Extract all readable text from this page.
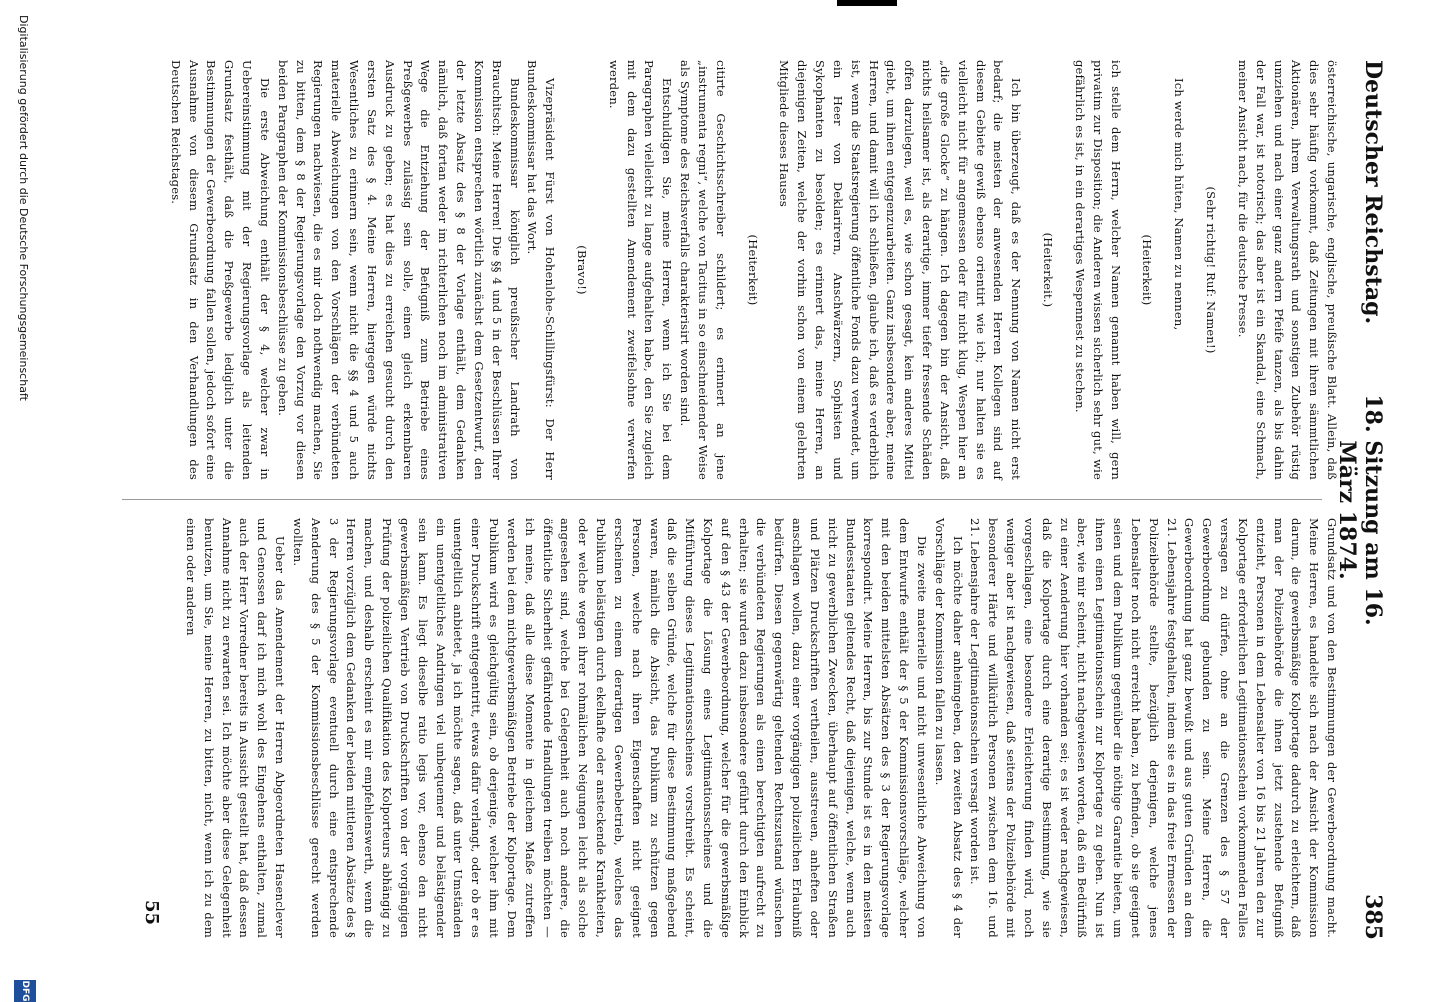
Deutscher Reichstag.
18. Sitzung am 16. März 1874.
385

österreichische, ungarische, englische, preußische Blatt. Allein, daß dies sehr häufig vorkommt, daß Zeitungen mit ihren sämmtlichen Aktionären, ihrem Verwaltungsrath und sonstigen Zubehör rüstig umziehen und nach einer ganz andern Pfeife tanzen, als bis dahin der Fall war, ist notorisch; das aber ist ein Skandal, eine Schmach, meiner Ansicht nach, für die deutsche Presse.

(Sehr richtig! Ruf: Namen!)

Ich werde mich hüten, Namen zu nennen,

(Heiterkeit)

ich stelle dem Herrn, welcher Namen genannt haben will, gern privatim zur Disposition; die Anderen wissen sicherlich sehr gut, wie gefährlich es ist, in ein derartiges Wespennest zu stechen.

(Heiterkeit.)

Ich bin überzeugt, daß es der Nennung von Namen nicht erst bedarf; die meisten der anwesenden Herren Kollegen sind auf diesem Gebiete gewiß ebenso orientirt wie ich; nur halten sie es vielleicht nicht für angemessen oder für nicht klug, Wespen hier an „die große Glocke“ zu hängen. Ich dagegen bin der Ansicht, daß nichts heilsamer ist, als derartige, immer tiefer fressende Schäden offen darzulegen, weil es, wie schon gesagt, kein anderes Mittel giebt, um ihnen entgegenzuarbeiten. Ganz insbesondere aber, meine Herren, und damit will ich schließen, glaube ich, daß es verderblich ist, wenn die Staatsregierung öffentliche Fonds dazu verwendet, um ein Heer von Deklarirern, Anschwärzern, Sophisten und Sykophanten zu besolden; es erinnert das, meine Herren, an diejenigen Zeiten, welche der vorhin schon von einem gelehrten Mitgliede dieses Hauses

(Heiterkeit)

citirte Geschichtsschreiber schildert; es erinnert an jene „instrumenta regni“, welche von Tacitus in so einschneidender Weise als Symptome des Reichsverfalls charakterisirt worden sind.

Entschuldigen Sie, meine Herren, wenn ich Sie bei dem Paragraphen vielleicht zu lange aufgehalten habe, den Sie zugleich mit dem dazu gestellten Amendement zweifelsohne verwerfen werden.

(Bravo!)

Vizepräsident Fürst von Hohenlohe-Schillingsfürst: Der Herr Bundeskommissar hat das Wort.

Bundeskommissar königlich preußischer Landrath von Brauchitsch: Meine Herren! Die §§ 4 und 5 in der Beschlüssen Ihrer Kommission entsprechen wörtlich zunächst dem Gesetzentwurf, den der letzte Absatz des § 8 der Vorlage enthält, dem Gedanken nämlich, daß fortan weder im richterlichen noch im administrativen Wege die Entziehung der Befugniß zum Betriebe eines Preßgewerbes zulässig sein solle, einen gleich erkennbaren Ausdruck zu geben; es hat dies zu erreichen gesucht durch den ersten Satz des § 4. Meine Herren, hiergegen würde nichts Wesentliches zu erinnern sein, wenn nicht die §§ 4 und 5 auch materielle Abweichungen von den Vorschlägen der verbündeten Regierungen nachwiesen, die es mir doch nothwendig machen, Sie zu bitten, dem § 8 der Regierungsvorlage den Vorzug vor diesen beiden Paragraphen der Kommissionsbeschlüsse zu geben.

Die erste Abweichung enthält der § 4, welcher zwar in Uebereinstimmung mit der Regierungsvorlage als leitenden Grundsatz festhält, daß die Preßgewerbe lediglich unter die Bestimmungen der Gewerbeordnung fallen sollen, jedoch sofort eine Ausnahme von diesem Grundsatz in den Verhandlungen des Deutschen Reichstages.

Grundsatz und von den Bestimmungen der Gewerbeordnung macht. Meine Herren, es handelte sich nach der Ansicht der Kommission darum, die gewerbsmäßige Kolportage dadurch zu erleichtern, daß man der Polizeibehörde die ihnen jetzt zustehende Befugniß entzieht, Personen in dem Lebensalter von 16 bis 21 Jahren den zur Kolportage erforderlichen Legitimationsschein vorkommenden Falles versagen zu dürfen, ohne an die Grenzen des § 57 der Gewerbeordnung gebunden zu sein. Meine Herren, die Gewerbeordnung hat ganz bewußt und aus guten Gründen an dem 21. Lebensjahre festgehalten, indem sie es in das freie Ermessen der Polizeibehörde stellte, bezüglich derjenigen, welche jenes Lebensalter noch nicht erreicht haben, zu befinden, ob sie geeignet seien und dem Publikum gegenüber die nöthige Garantie bieten, um ihnen einen Legitimationsschein zur Kolportage zu geben. Nun ist aber, wie mir scheint, nicht nachgewiesen worden, daß ein Bedürfniß zu einer Aenderung hier vorhanden sei; es ist weder nachgewiesen, daß die Kolportage durch eine derartige Bestimmung, wie sie vorgeschlagen, eine besondere Erleichterung finden wird, noch weniger aber ist nachgewiesen, daß seitens der Polizeibehörde mit besonderer Härte und willkürlich Personen zwischen dem 16. und 21. Lebensjahre der Legitimationsschein versagt worden ist.

Ich möchte daher anheimgeben, den zweiten Absatz des § 4 der Vorschläge der Kommission fallen zu lassen.

Die zweite materielle und nicht unwesentliche Abweichung von dem Entwurfe enthält der § 5 der Kommissionsvorschläge, welcher mit den beiden mittelsten Absätzen des § 3 der Regierungsvorlage korrespondirt. Meine Herren, bis zur Stunde ist es in den meisten Bundesstaaten geltendes Recht, daß diejenigen, welche, wenn auch nicht zu gewerblichen Zwecken, überhaupt auf öffentlichen Straßen und Plätzen Druckschriften vertheilen, ausstreuen, anheften oder anschlagen wollen, dazu einer vorgängigen polizeilichen Erlaubniß bedürfen. Diesen gegenwärtig geltenden Rechtszustand wünschen die verbündeten Regierungen als einen berechtigten aufrecht zu erhalten; sie wurden dazu insbesondere geführt durch den Einblick auf den § 43 der Gewerbeordnung, welcher für die gewerbsmäßige Kolportage die Lösung eines Legitimationsscheines und die Mitführung dieses Legitimationsscheines vorschreibt. Es scheint, daß die selben Gründe, welche für diese Bestimmung maßgebend waren, nämlich die Absicht, das Publikum zu schützen gegen Personen, welche nach ihren Eigenschaften nicht geeignet erscheinen zu einem derartigen Gewerbebetrieb, welches das Publikum belästigen durch ekelhafte oder ansteckende Krankheiten, oder welche wegen ihrer rohmälichen Neigungen leicht als solche angesehen sind, welche bei Gelegenheit auch noch andere, die öffentliche Sicherheit gefährdende Handlungen treiben möchten — ich meine, daß alle diese Momente in gleichem Maße zutreffen werden bei dem nichtgewerbsmäßigen Betriebe der Kolportage. Dem Publikum wird es gleichgültig sein, ob derjenige, welcher ihm mit einer Druckschrift entgegentritt, etwas dafür verlangt, oder ob er es unentgeltlich anbietet, ja ich möchte sagen, daß unter Umständen ein unentgeltliches Andringen viel unbequemer und belästigender sein kann. Es liegt dieselbe ratio legis vor, ebenso den nicht gewerbsmäßigen Vertrieb von Druckschriften von der vorgängigen Prüfung der polizeilichen Qualifikation des Kolporteurs abhängig zu machen, und deshalb erscheint es mir empfehlenswerth, wenn die Herren vorzüglich dem Gedanken der beiden mittleren Absätze des § 3 der Regierungsvorlage eventuell durch eine entsprechende Aenderung des § 5 der Kommissionsbeschlüsse gerecht werden wollten.

Ueber das Amendement der Herren Abgeordneten Hasenclever und Genossen darf ich mich wohl des Eingehens enthalten, zumal auch der Herr Vorredner bereits in Aussicht gestellt hat, daß dessen Annahme nicht zu erwarten sei. Ich möchte aber diese Gelegenheit benutzen, um Sie, meine Herren, zu bitten, nicht, wenn ich zu dem einen oder anderen

55
Digitalisierung gefördert durch die Deutsche Forschungsgemeinschaft
DFG
